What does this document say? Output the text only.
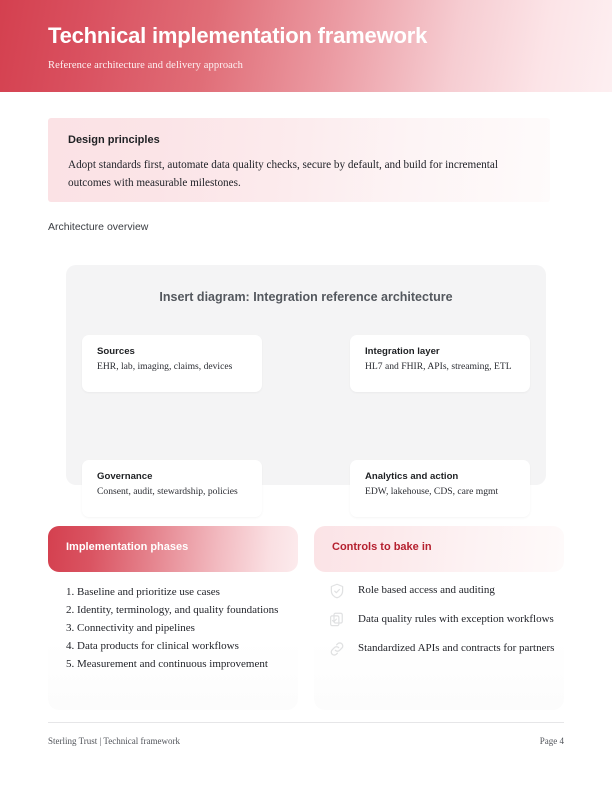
Technical implementation framework
Reference architecture and delivery approach
Design principles
Adopt standards first, automate data quality checks, secure by default, and build for incremental outcomes with measurable milestones.
Architecture overview
Insert diagram: Integration reference architecture
Sources
EHR, lab, imaging, claims, devices
Integration layer
HL7 and FHIR, APIs, streaming, ETL
Governance
Consent, audit, stewardship, policies
Analytics and action
EDW, lakehouse, CDS, care mgmt
Implementation phases
1. Baseline and prioritize use cases
2. Identity, terminology, and quality foundations
3. Connectivity and pipelines
4. Data products for clinical workflows
5. Measurement and continuous improvement
Controls to bake in
Role based access and auditing
Data quality rules with exception workflows
Standardized APIs and contracts for partners
Sterling Trust | Technical framework	Page 4
